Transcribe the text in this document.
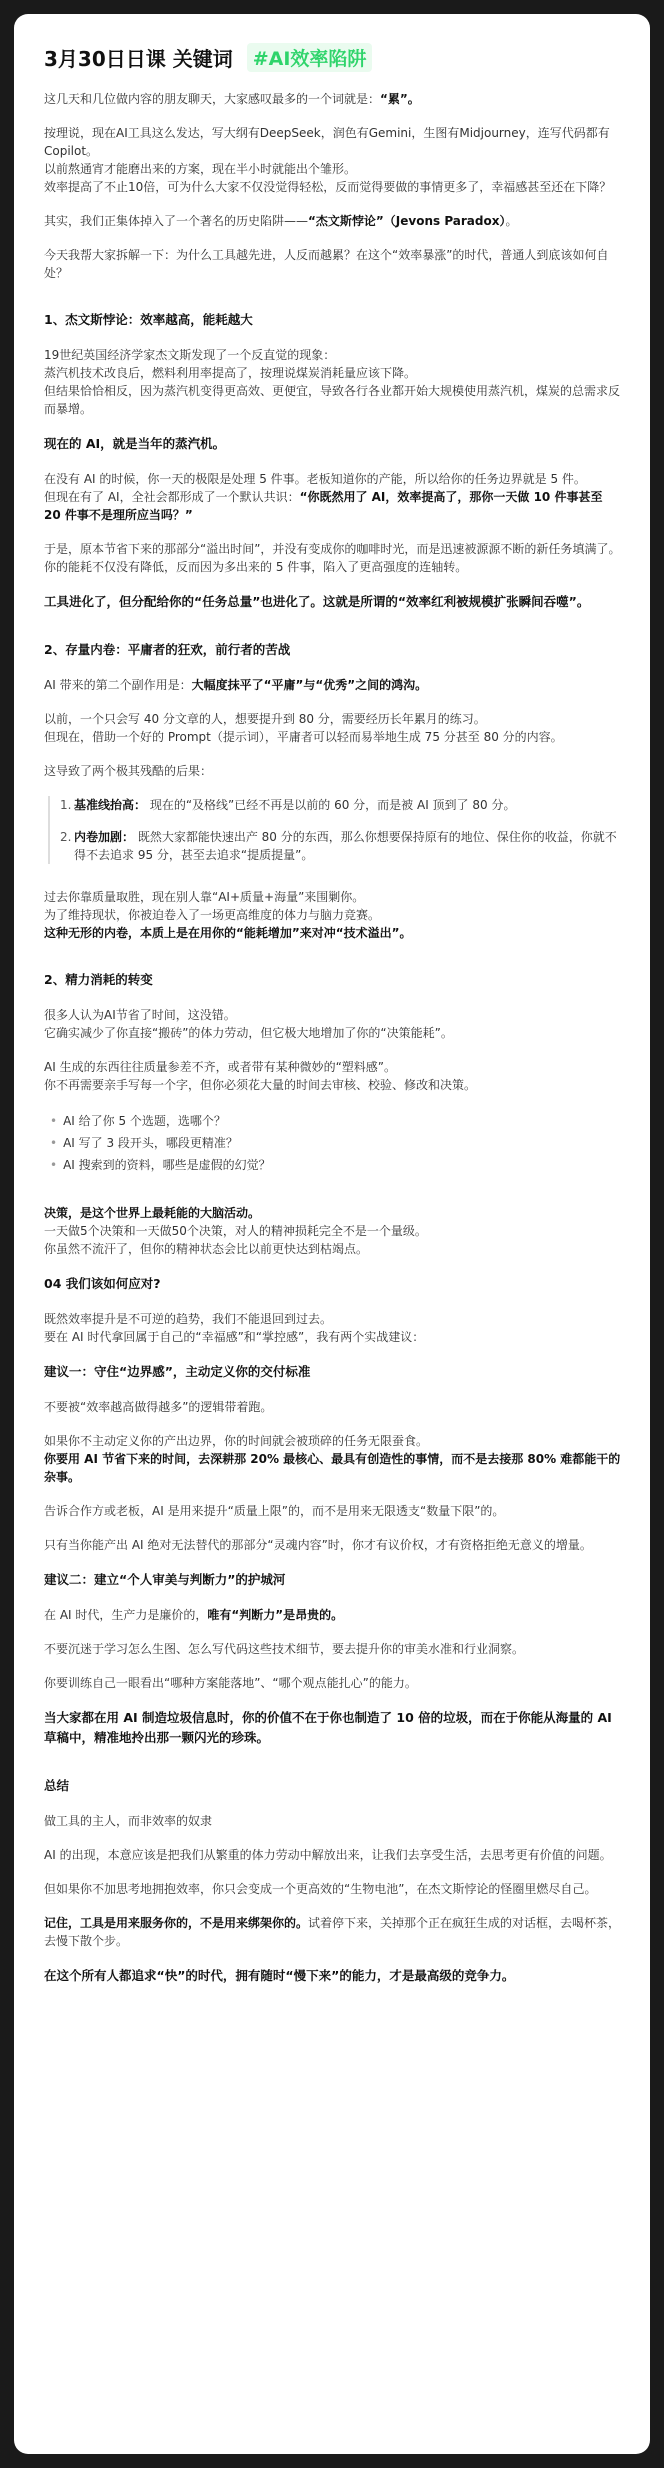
3月30日日课 关键词	#AI效率陷阱
这几天和几位做内容的朋友聊天，大家感叹最多的一个词就是：“累”。
按理说，现在AI工具这么发达，写大纲有DeepSeek，润色有Gemini，生图有Midjourney，连写代码都有Copilot。
以前熬通宵才能磨出来的方案，现在半小时就能出个雏形。
效率提高了不止10倍，可为什么大家不仅没觉得轻松，反而觉得要做的事情更多了，幸福感甚至还在下降？
其实，我们正集体掉入了一个著名的历史陷阱——“杰文斯悖论”（Jevons Paradox）。
今天我帮大家拆解一下：为什么工具越先进，人反而越累？在这个“效率暴涨”的时代，普通人到底该如何自处？
1、杰文斯悖论：效率越高，能耗越大
19世纪英国经济学家杰文斯发现了一个反直觉的现象：
蒸汽机技术改良后，燃料利用率提高了，按理说煤炭消耗量应该下降。
但结果恰恰相反，因为蒸汽机变得更高效、更便宜，导致各行各业都开始大规模使用蒸汽机，煤炭的总需求反而暴增。
现在的 AI，就是当年的蒸汽机。
在没有 AI 的时候，你一天的极限是处理 5 件事。老板知道你的产能，所以给你的任务边界就是 5 件。
但现在有了 AI，全社会都形成了一个默认共识：“你既然用了 AI，效率提高了，那你一天做 10 件事甚至 20 件事不是理所应当吗？”
于是，原本节省下来的那部分“溢出时间”，并没有变成你的咖啡时光，而是迅速被源源不断的新任务填满了。你的能耗不仅没有降低，反而因为多出来的 5 件事，陷入了更高强度的连轴转。
工具进化了，但分配给你的“任务总量”也进化了。这就是所谓的“效率红利被规模扩张瞬间吞噬”。
2、存量内卷：平庸者的狂欢，前行者的苦战
AI 带来的第二个副作用是：大幅度抹平了“平庸”与“优秀”之间的鸿沟。
以前，一个只会写 40 分文章的人，想要提升到 80 分，需要经历长年累月的练习。
但现在，借助一个好的 Prompt（提示词），平庸者可以轻而易举地生成 75 分甚至 80 分的内容。
这导致了两个极其残酷的后果：
1. 基准线抬高： 现在的“及格线”已经不再是以前的 60 分，而是被 AI 顶到了 80 分。
2. 内卷加剧： 既然大家都能快速出产 80 分的东西，那么你想要保持原有的地位、保住你的收益，你就不得不去追求 95 分，甚至去追求“提质提量”。
过去你靠质量取胜，现在别人靠“AI+质量+海量”来围剿你。
为了维持现状，你被迫卷入了一场更高维度的体力与脑力竞赛。
这种无形的内卷，本质上是在用你的“能耗增加”来对冲“技术溢出”。
2、精力消耗的转变
很多人认为AI节省了时间，这没错。
它确实减少了你直接“搬砖”的体力劳动，但它极大地增加了你的“决策能耗”。
AI 生成的东西往往质量参差不齐，或者带有某种微妙的“塑料感”。
你不再需要亲手写每一个字，但你必须花大量的时间去审核、校验、修改和决策。
• AI 给了你 5 个选题，选哪个？
• AI 写了 3 段开头，哪段更精准？
• AI 搜索到的资料，哪些是虚假的幻觉？
决策，是这个世界上最耗能的大脑活动。
一天做5个决策和一天做50个决策，对人的精神损耗完全不是一个量级。
你虽然不流汗了，但你的精神状态会比以前更快达到枯竭点。
04 我们该如何应对?
既然效率提升是不可逆的趋势，我们不能退回到过去。
要在 AI 时代拿回属于自己的“幸福感”和“掌控感”，我有两个实战建议：
建议一：守住“边界感”，主动定义你的交付标准
不要被“效率越高做得越多”的逻辑带着跑。
如果你不主动定义你的产出边界，你的时间就会被琐碎的任务无限蚕食。
你要用 AI 节省下来的时间，去深耕那 20% 最核心、最具有创造性的事情，而不是去接那 80% 难都能干的杂事。
告诉合作方或老板，AI 是用来提升“质量上限”的，而不是用来无限透支“数量下限”的。
只有当你能产出 AI 绝对无法替代的那部分“灵魂内容”时，你才有议价权，才有资格拒绝无意义的增量。
建议二：建立“个人审美与判断力”的护城河
在 AI 时代，生产力是廉价的，唯有“判断力”是昂贵的。
不要沉迷于学习怎么生图、怎么写代码这些技术细节，要去提升你的审美水准和行业洞察。
你要训练自己一眼看出“哪种方案能落地”、“哪个观点能扎心”的能力。
当大家都在用 AI 制造垃圾信息时，你的价值不在于你也制造了 10 倍的垃圾，而在于你能从海量的 AI 草稿中，精准地拎出那一颗闪光的珍珠。
总结
做工具的主人，而非效率的奴隶
AI 的出现，本意应该是把我们从繁重的体力劳动中解放出来，让我们去享受生活，去思考更有价值的问题。
但如果你不加思考地拥抱效率，你只会变成一个更高效的“生物电池”，在杰文斯悖论的怪圈里燃尽自己。
记住，工具是用来服务你的，不是用来绑架你的。试着停下来，关掉那个正在疯狂生成的对话框，去喝杯茶，去慢下散个步。
在这个所有人都追求“快”的时代，拥有随时“慢下来”的能力，才是最高级的竞争力。
